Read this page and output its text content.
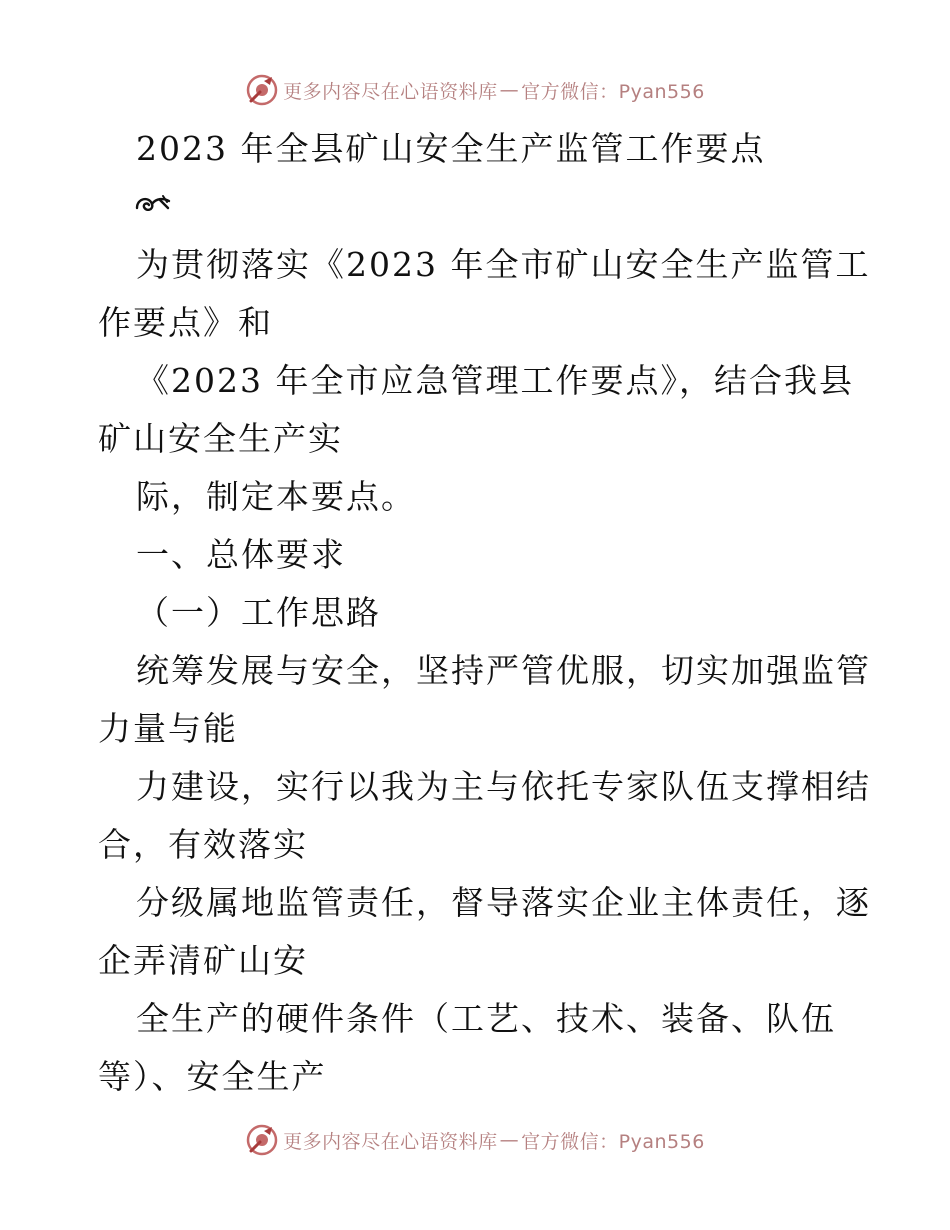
更多内容尽在心语资料库 — 官方微信：Pyan556
2023 年全县矿山安全生产监管工作要点
为贯彻落实《2023 年全市矿山安全生产监管工
作要点》和
《2023 年全市应急管理工作要点》，结合我县
矿山安全生产实
际，制定本要点。
一、总体要求
（一）工作思路
统筹发展与安全，坚持严管优服，切实加强监管
力量与能
力建设，实行以我为主与依托专家队伍支撑相结
合，有效落实
分级属地监管责任，督导落实企业主体责任，逐
企弄清矿山安
全生产的硬件条件（工艺、技术、装备、队伍
等）、安全生产
更多内容尽在心语资料库 — 官方微信：Pyan556
